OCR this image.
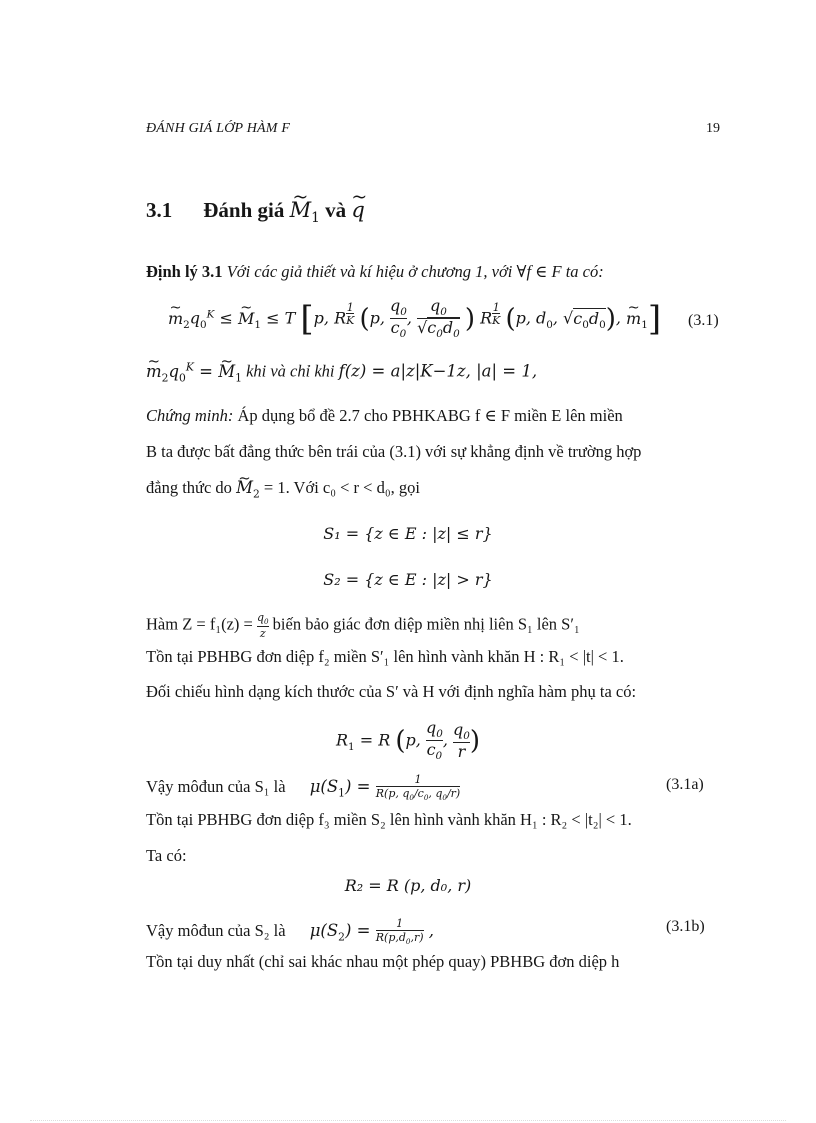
ĐÁNH GIÁ LỚP HÀM F	19
3.1 Đánh giá ~ $M_1$ và ~ q
Định lý 3.1 Với các giả thiết và kí hiệu ở chương 1, với ∀f ∈ F ta có:
~ $m_2q_0^K$ ≤ ~ $M_1 \le T$ [p, R $^{\frac{1}{K}}$ (p, $\frac{q_0}{c_0}$ , $\frac{q_0}{√c_0d_0}$ ) R $^{\frac{1}{K}}$ (p, $d_0$, $√c_0d_0$), ~ $m_1$] (3.1)
~ $m_2q_0^K$ = ~ $M_1$ khi và chỉ khi f(z) = a|z|K−1z, |a| = 1,
Chứng minh: Áp dụng bổ đề 2.7 cho PBHKABG f ∈ F miền E lên miền
B ta được bất đẳng thức bên trái của (3.1) với sự khẳng định về trường hợp
đẳng thức do ~ $M_2 = 1$. Với c₀ < r < d₀, gọi
S₁ = {z ∈ E : |z| ≤ r}
S₂ = {z ∈ E : |z| > r}
Hàm $Z = f_1(z) = \frac{q_0}{z}$ biến bảo giác đơn diệp miền nhị liên S₁ lên S′₁
Tồn tại PBHBG đơn diệp f₂ miền S′₁ lên hình vành khăn H : R₁ < |t| < 1.
Đối chiếu hình dạng kích thước của S′ và H với định nghĩa hàm phụ ta có:
$R_1 = R$ (p, $\frac{q_0}{c_0}$ , $\frac{q_0}{r}$ )
Vậy môđun của S₁ là $\mu(S_1) = \frac{1}{R(p, q_0/c_0, q_0/r)}$	(3.1a)
Tồn tại PBHBG đơn diệp f₃ miền S₂ lên hình vành khăn H₁ : R₂ < |t₂| < 1.
Ta có:
R₂ = R (p, d₀, r)
Vậy môđun của S₂ là $\mu(S_2) = \frac{1}{R(p,d_0,r)}$ ,	(3.1b)
Tồn tại duy nhất (chỉ sai khác nhau một phép quay) PBHBG đơn diệp h
